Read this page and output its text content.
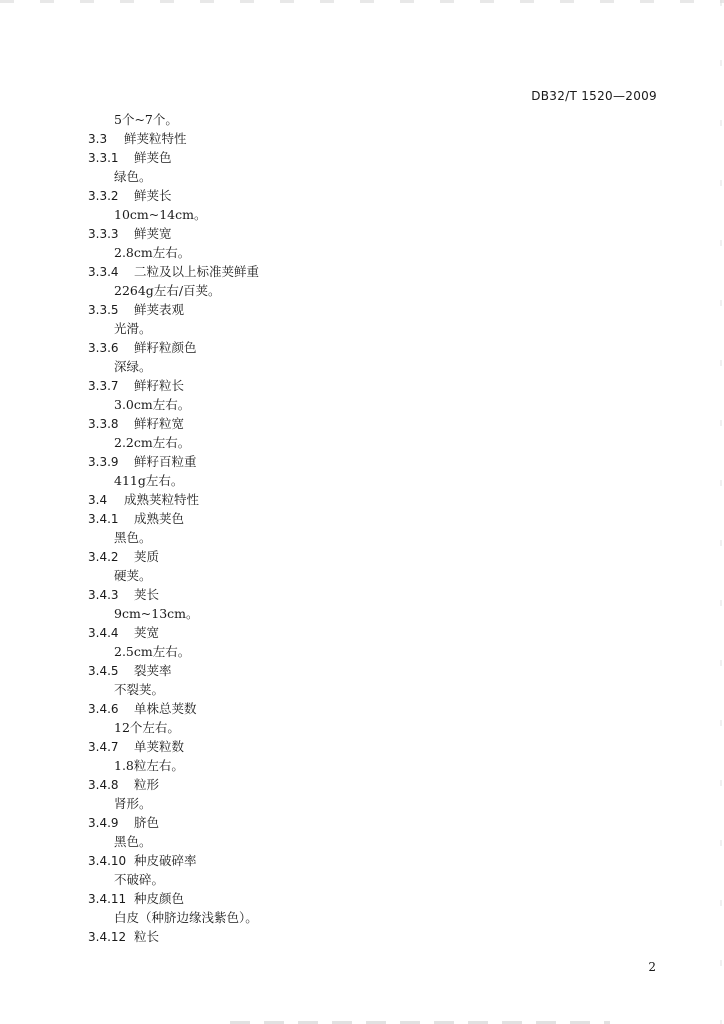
DB32/T 1520—2009
5个~7个。
3.3 鲜荚粒特性
3.3.1 鲜荚色
绿色。
3.3.2 鲜荚长
10cm~14cm。
3.3.3 鲜荚宽
2.8cm左右。
3.3.4 二粒及以上标准荚鲜重
2264g左右/百荚。
3.3.5 鲜荚表观
光滑。
3.3.6 鲜籽粒颜色
深绿。
3.3.7 鲜籽粒长
3.0cm左右。
3.3.8 鲜籽粒宽
2.2cm左右。
3.3.9 鲜籽百粒重
411g左右。
3.4 成熟荚粒特性
3.4.1 成熟荚色
黑色。
3.4.2 荚质
硬荚。
3.4.3 荚长
9cm~13cm。
3.4.4 荚宽
2.5cm左右。
3.4.5 裂荚率
不裂荚。
3.4.6 单株总荚数
12个左右。
3.4.7 单荚粒数
1.8粒左右。
3.4.8 粒形
肾形。
3.4.9 脐色
黑色。
3.4.10 种皮破碎率
不破碎。
3.4.11 种皮颜色
白皮（种脐边缘浅紫色）。
3.4.12 粒长
2
